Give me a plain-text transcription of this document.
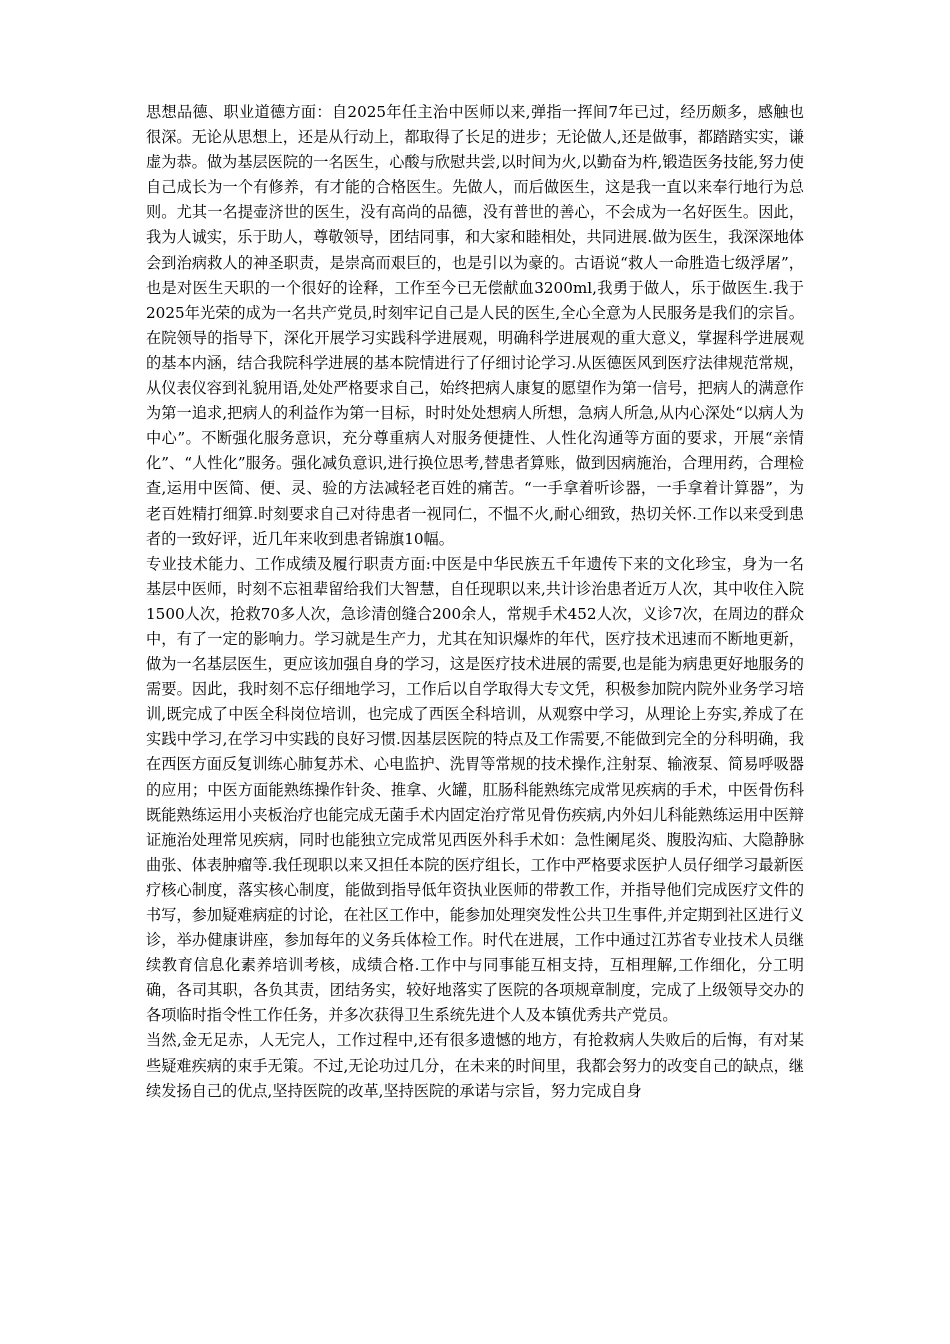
思想品德、职业道德方面：自2025年任主治中医师以来,弹指一挥间7年已过，经历颇多，感触也很深。无论从思想上，还是从行动上，都取得了长足的进步；无论做人,还是做事，都踏踏实实，谦虚为恭。做为基层医院的一名医生，心酸与欣慰共尝,以时间为火,以勤奋为杵,锻造医务技能,努力使自己成长为一个有修养，有才能的合格医生。先做人，而后做医生，这是我一直以来奉行地行为总则。尤其一名提壶济世的医生，没有高尚的品德，没有普世的善心，不会成为一名好医生。因此，我为人诚实，乐于助人，尊敬领导，团结同事，和大家和睦相处，共同进展.做为医生，我深深地体会到治病救人的神圣职责，是崇高而艰巨的，也是引以为豪的。古语说“救人一命胜造七级浮屠”，也是对医生天职的一个很好的诠释，工作至今已无偿献血3200ml,我勇于做人，乐于做医生.我于2025年光荣的成为一名共产党员,时刻牢记自己是人民的医生,全心全意为人民服务是我们的宗旨。在院领导的指导下，深化开展学习实践科学进展观，明确科学进展观的重大意义，掌握科学进展观的基本内涵，结合我院科学进展的基本院情进行了仔细讨论学习.从医德医风到医疗法律规范常规，从仪表仪容到礼貌用语,处处严格要求自己，始终把病人康复的愿望作为第一信号，把病人的满意作为第一追求,把病人的利益作为第一目标，时时处处想病人所想，急病人所急,从内心深处“以病人为中心”。不断强化服务意识，充分尊重病人对服务便捷性、人性化沟通等方面的要求，开展“亲情化”、“人性化”服务。强化减负意识,进行换位思考,替患者算账，做到因病施治，合理用药，合理检查,运用中医简、便、灵、验的方法减轻老百姓的痛苦。“一手拿着听诊器，一手拿着计算器”，为老百姓精打细算.时刻要求自己对待患者一视同仁，不愠不火,耐心细致，热切关怀.工作以来受到患者的一致好评，近几年来收到患者锦旗10幅。

专业技术能力、工作成绩及履行职责方面:中医是中华民族五千年遗传下来的文化珍宝，身为一名基层中医师，时刻不忘祖辈留给我们大智慧，自任现职以来,共计诊治患者近万人次，其中收住入院1500人次，抢救70多人次，急诊清创缝合200余人，常规手术452人次，义诊7次，在周边的群众中，有了一定的影响力。学习就是生产力，尤其在知识爆炸的年代，医疗技术迅速而不断地更新，做为一名基层医生，更应该加强自身的学习，这是医疗技术进展的需要,也是能为病患更好地服务的需要。因此，我时刻不忘仔细地学习，工作后以自学取得大专文凭，积极参加院内院外业务学习培训,既完成了中医全科岗位培训，也完成了西医全科培训，从观察中学习，从理论上夯实,养成了在实践中学习,在学习中实践的良好习惯.因基层医院的特点及工作需要,不能做到完全的分科明确，我在西医方面反复训练心肺复苏术、心电监护、洗胃等常规的技术操作,注射泵、输液泵、简易呼吸器的应用；中医方面能熟练操作针灸、推拿、火罐，肛肠科能熟练完成常见疾病的手术，中医骨伤科既能熟练运用小夹板治疗也能完成无菌手术内固定治疗常见骨伤疾病,内外妇儿科能熟练运用中医辩证施治处理常见疾病，同时也能独立完成常见西医外科手术如：急性阑尾炎、腹股沟疝、大隐静脉曲张、体表肿瘤等.我任现职以来又担任本院的医疗组长，工作中严格要求医护人员仔细学习最新医疗核心制度，落实核心制度，能做到指导低年资执业医师的带教工作，并指导他们完成医疗文件的书写，参加疑难病症的讨论，在社区工作中，能参加处理突发性公共卫生事件,并定期到社区进行义诊，举办健康讲座，参加每年的义务兵体检工作。时代在进展，工作中通过江苏省专业技术人员继续教育信息化素养培训考核，成绩合格.工作中与同事能互相支持，互相理解,工作细化，分工明确，各司其职，各负其责，团结务实，较好地落实了医院的各项规章制度，完成了上级领导交办的各项临时指令性工作任务，并多次获得卫生系统先进个人及本镇优秀共产党员。

当然,金无足赤，人无完人，工作过程中,还有很多遗憾的地方，有抢救病人失败后的后悔，有对某些疑难疾病的束手无策。不过,无论功过几分，在未来的时间里，我都会努力的改变自己的缺点，继续发扬自己的优点,坚持医院的改革,坚持医院的承诺与宗旨，努力完成自身
